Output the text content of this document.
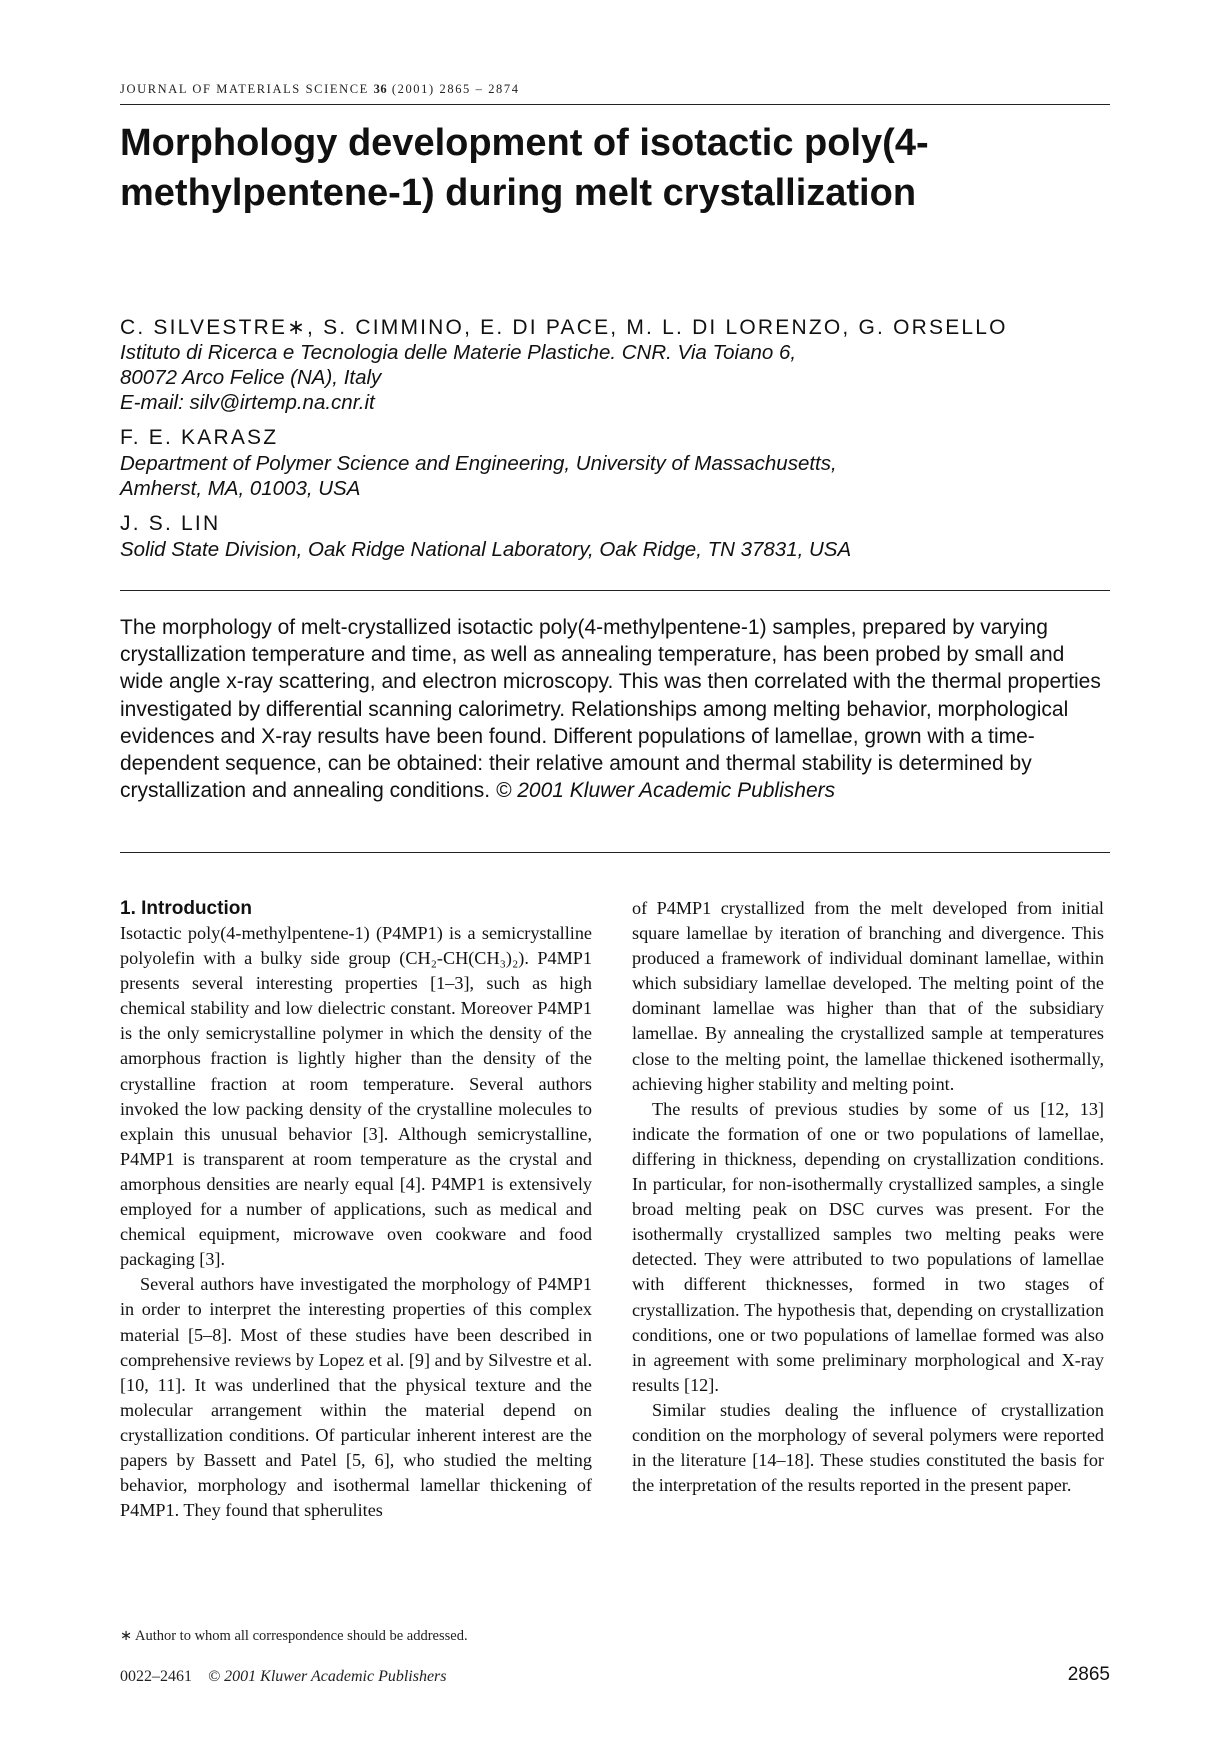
JOURNAL OF MATERIALS SCIENCE 36 (2001) 2865 – 2874
Morphology development of isotactic poly(4-methylpentene-1) during melt crystallization
C. SILVESTRE∗, S. CIMMINO, E. DI PACE, M. L. DI LORENZO, G. ORSELLO
Istituto di Ricerca e Tecnologia delle Materie Plastiche. CNR. Via Toiano 6,
80072 Arco Felice (NA), Italy
E-mail: silv@irtemp.na.cnr.it
F. E. KARASZ
Department of Polymer Science and Engineering, University of Massachusetts,
Amherst, MA, 01003, USA
J. S. LIN
Solid State Division, Oak Ridge National Laboratory, Oak Ridge, TN 37831, USA

The morphology of melt-crystallized isotactic poly(4-methylpentene-1) samples, prepared by varying crystallization temperature and time, as well as annealing temperature, has been probed by small and wide angle x-ray scattering, and electron microscopy. This was then correlated with the thermal properties investigated by differential scanning calorimetry. Relationships among melting behavior, morphological evidences and X-ray results have been found. Different populations of lamellae, grown with a time-dependent sequence, can be obtained: their relative amount and thermal stability is determined by crystallization and annealing conditions. © 2001 Kluwer Academic Publishers

1. Introduction

Isotactic poly(4-methylpentene-1) (P4MP1) is a semicrystalline polyolefin with a bulky side group (CH₂-CH(CH₃)₂). P4MP1 presents several interesting properties [1–3], such as high chemical stability and low dielectric constant. Moreover P4MP1 is the only semicrystalline polymer in which the density of the amorphous fraction is lightly higher than the density of the crystalline fraction at room temperature. Several authors invoked the low packing density of the crystalline molecules to explain this unusual behavior [3]. Although semicrystalline, P4MP1 is transparent at room temperature as the crystal and amorphous densities are nearly equal [4]. P4MP1 is extensively employed for a number of applications, such as medical and chemical equipment, microwave oven cookware and food packaging [3].

Several authors have investigated the morphology of P4MP1 in order to interpret the interesting properties of this complex material [5–8]. Most of these studies have been described in comprehensive reviews by Lopez et al. [9] and by Silvestre et al. [10, 11]. It was underlined that the physical texture and the molecular arrangement within the material depend on crystallization conditions. Of particular inherent interest are the papers by Bassett and Patel [5, 6], who studied the melting behavior, morphology and isothermal lamellar thickening of P4MP1. They found that spherulites

of P4MP1 crystallized from the melt developed from initial square lamellae by iteration of branching and divergence. This produced a framework of individual dominant lamellae, within which subsidiary lamellae developed. The melting point of the dominant lamellae was higher than that of the subsidiary lamellae. By annealing the crystallized sample at temperatures close to the melting point, the lamellae thickened isothermally, achieving higher stability and melting point.

The results of previous studies by some of us [12, 13] indicate the formation of one or two populations of lamellae, differing in thickness, depending on crystallization conditions. In particular, for non-isothermally crystallized samples, a single broad melting peak on DSC curves was present. For the isothermally crystallized samples two melting peaks were detected. They were attributed to two populations of lamellae with different thicknesses, formed in two stages of crystallization. The hypothesis that, depending on crystallization conditions, one or two populations of lamellae formed was also in agreement with some preliminary morphological and X-ray results [12].

Similar studies dealing the influence of crystallization condition on the morphology of several polymers were reported in the literature [14–18]. These studies constituted the basis for the interpretation of the results reported in the present paper.

∗ Author to whom all correspondence should be addressed.
0022–2461 © 2001 Kluwer Academic Publishers	2865
